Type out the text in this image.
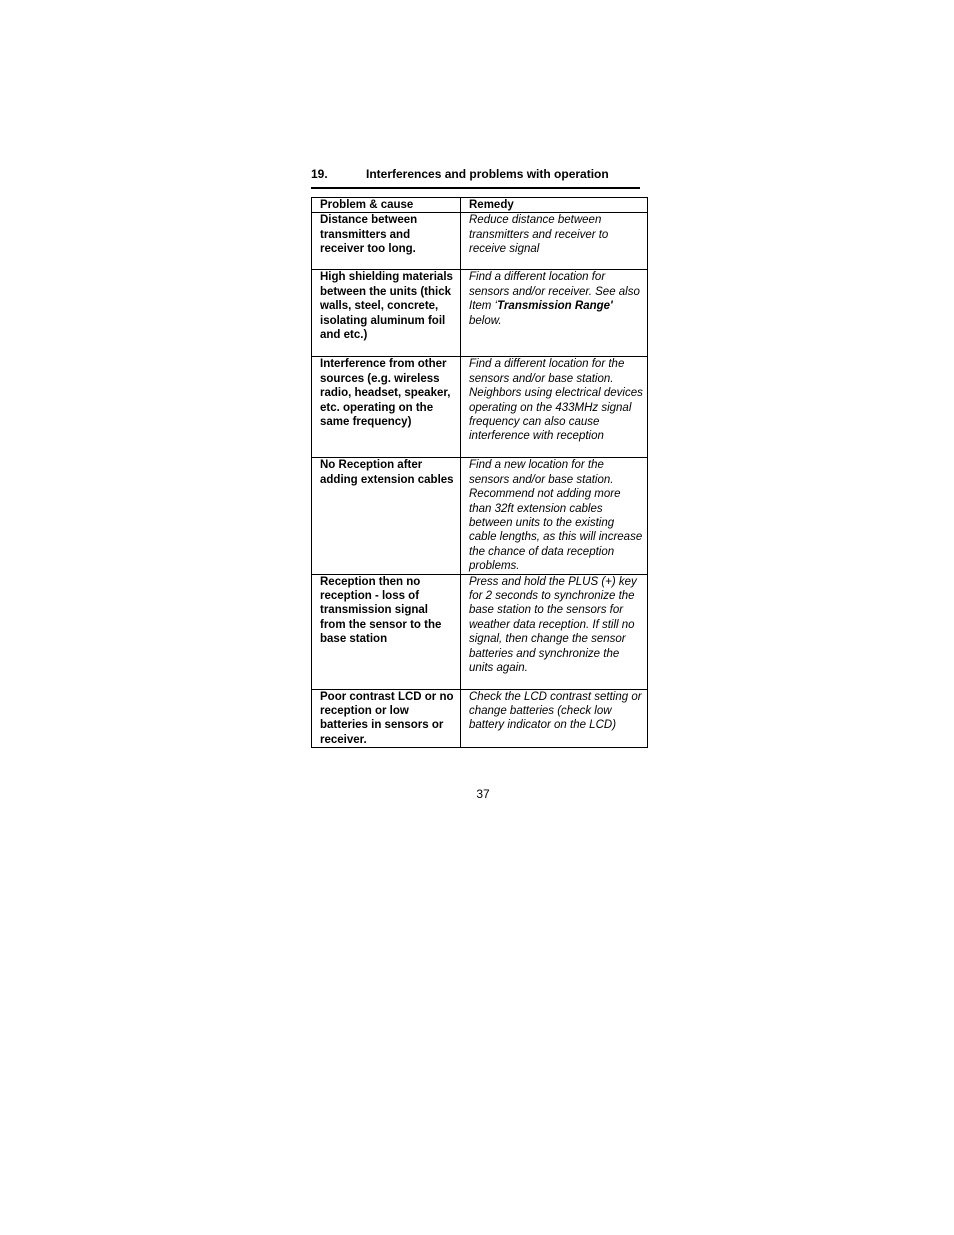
19.	Interferences and problems with operation
Problem & cause	Remedy
Distance between transmitters and receiver too long.	Reduce distance between transmitters and receiver to receive signal
High shielding materials between the units (thick walls, steel, concrete, isolating aluminum foil and etc.)	Find a different location for sensors and/or receiver. See also Item ‘Transmission Range' below.
Interference from other sources (e.g. wireless radio, headset, speaker, etc. operating on the same frequency)	Find a different location for the sensors and/or base station. Neighbors using electrical devices operating on the 433MHz signal frequency can also cause interference with reception
No Reception after adding extension cables	Find a new location for the sensors and/or base station. Recommend not adding more than 32ft extension cables between units to the existing cable lengths, as this will increase the chance of data reception problems.
Reception then no reception - loss of transmission signal from the sensor to the base station	Press and hold the PLUS (+) key for 2 seconds to synchronize the base station to the sensors for weather data reception. If still no signal, then change the sensor batteries and synchronize the units again.
Poor contrast LCD or no reception or low batteries in sensors or receiver.	Check the LCD contrast setting or change batteries (check low battery indicator on the LCD)
37
